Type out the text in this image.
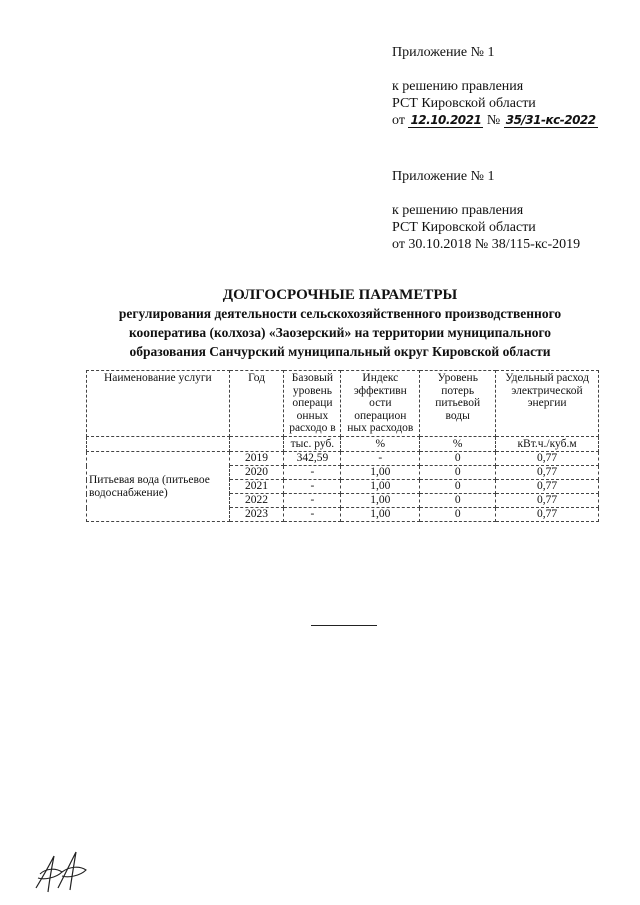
Приложение № 1
к решению правления
РСТ Кировской области
от 12.10.2021 № 35/31-кс-2022
Приложение № 1
к решению правления
РСТ Кировской области
от 30.10.2018 № 38/115-кс-2019
ДОЛГОСРОЧНЫЕ ПАРАМЕТРЫ
регулирования деятельности сельскохозяйственного производственного
кооператива (колхоза) «Заозерский» на территории муниципального
образования Санчурский муниципальный округ Кировской области
Наименование услуги	Год	Базовый уровень операци онных расходо в	Индекс эффективн ости операцион ных расходов	Уровень потерь питьевой воды	Удельный расход электрической энергии
		тыс. руб.	%	%	кВт.ч./куб.м
Питьевая вода (питьевое водоснабжение)	2019	342,59	-	0	0,77
	2020	-	1,00	0	0,77
	2021	-	1,00	0	0,77
	2022	-	1,00	0	0,77
	2023	-	1,00	0	0,77
